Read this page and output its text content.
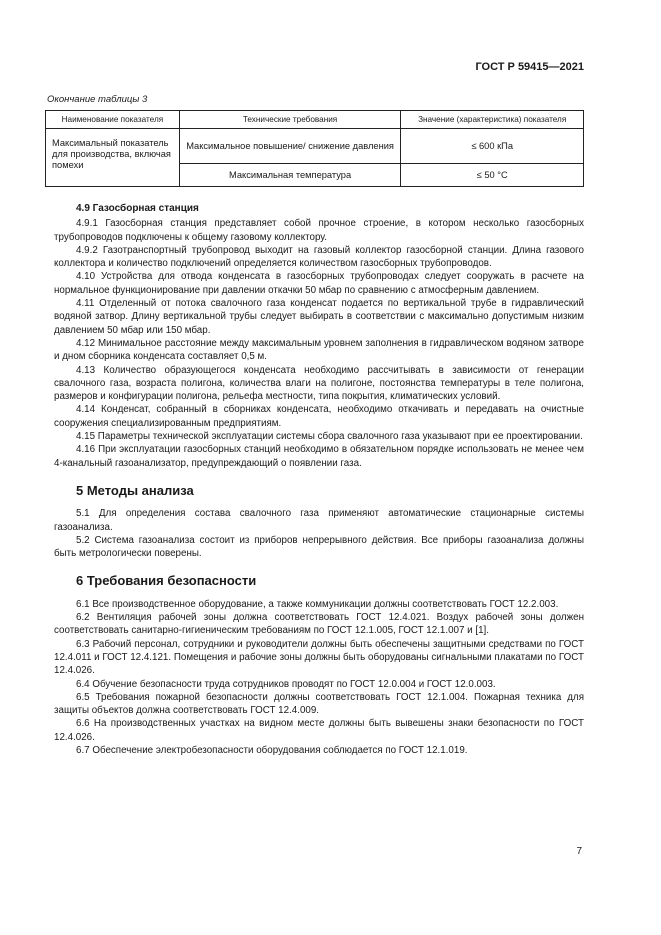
ГОСТ Р 59415—2021
Окончание таблицы 3
Наименование показателя	Технические требования	Значение (характеристика) показателя
Максимальный показатель для производства, включая помехи	Максимальное повышение/ снижение давления	≤ 600 кПа
	Максимальная температура	≤ 50 °С
4.9 Газосборная станция

4.9.1 Газосборная станция представляет собой прочное строение, в котором несколько газосборных трубопроводов подключены к общему газовому коллектору.

4.9.2 Газотранспортный трубопровод выходит на газовый коллектор газосборной станции. Длина газового коллектора и количество подключений определяется количеством газосборных трубопроводов.

4.10 Устройства для отвода конденсата в газосборных трубопроводах следует сооружать в расчете на нормальное функционирование при давлении откачки 50 мбар по сравнению с атмосферным давлением.

4.11 Отделенный от потока свалочного газа конденсат подается по вертикальной трубе в гидравлический водяной затвор. Длину вертикальной трубы следует выбирать в соответствии с максимально допустимым низким давлением 50 мбар или 150 мбар.

4.12 Минимальное расстояние между максимальным уровнем заполнения в гидравлическом водяном затворе и дном сборника конденсата составляет 0,5 м.

4.13 Количество образующегося конденсата необходимо рассчитывать в зависимости от генерации свалочного газа, возраста полигона, количества влаги на полигоне, постоянства температуры в теле полигона, размеров и конфигурации полигона, рельефа местности, типа покрытия, климатических условий.

4.14 Конденсат, собранный в сборниках конденсата, необходимо откачивать и передавать на очистные сооружения специализированным предприятиям.

4.15 Параметры технической эксплуатации системы сбора свалочного газа указывают при ее проектировании.

4.16 При эксплуатации газосборных станций необходимо в обязательном порядке использовать не менее чем 4-канальный газоанализатор, предупреждающий о появлении газа.

5 Методы анализа

5.1 Для определения состава свалочного газа применяют автоматические стационарные системы газоанализа.

5.2 Система газоанализа состоит из приборов непрерывного действия. Все приборы газоанализа должны быть метрологически поверены.

6 Требования безопасности

6.1 Все производственное оборудование, а также коммуникации должны соответствовать ГОСТ 12.2.003.

6.2 Вентиляция рабочей зоны должна соответствовать ГОСТ 12.4.021. Воздух рабочей зоны должен соответствовать санитарно-гигиеническим требованиям по ГОСТ 12.1.005, ГОСТ 12.1.007 и [1].

6.3 Рабочий персонал, сотрудники и руководители должны быть обеспечены защитными средствами по ГОСТ 12.4.011 и ГОСТ 12.4.121. Помещения и рабочие зоны должны быть оборудованы сигнальными плакатами по ГОСТ 12.4.026.

6.4 Обучение безопасности труда сотрудников проводят по ГОСТ 12.0.004 и ГОСТ 12.0.003.

6.5 Требования пожарной безопасности должны соответствовать ГОСТ 12.1.004. Пожарная техника для защиты объектов должна соответствовать ГОСТ 12.4.009.

6.6 На производственных участках на видном месте должны быть вывешены знаки безопасности по ГОСТ 12.4.026.

6.7 Обеспечение электробезопасности оборудования соблюдается по ГОСТ 12.1.019.

7
